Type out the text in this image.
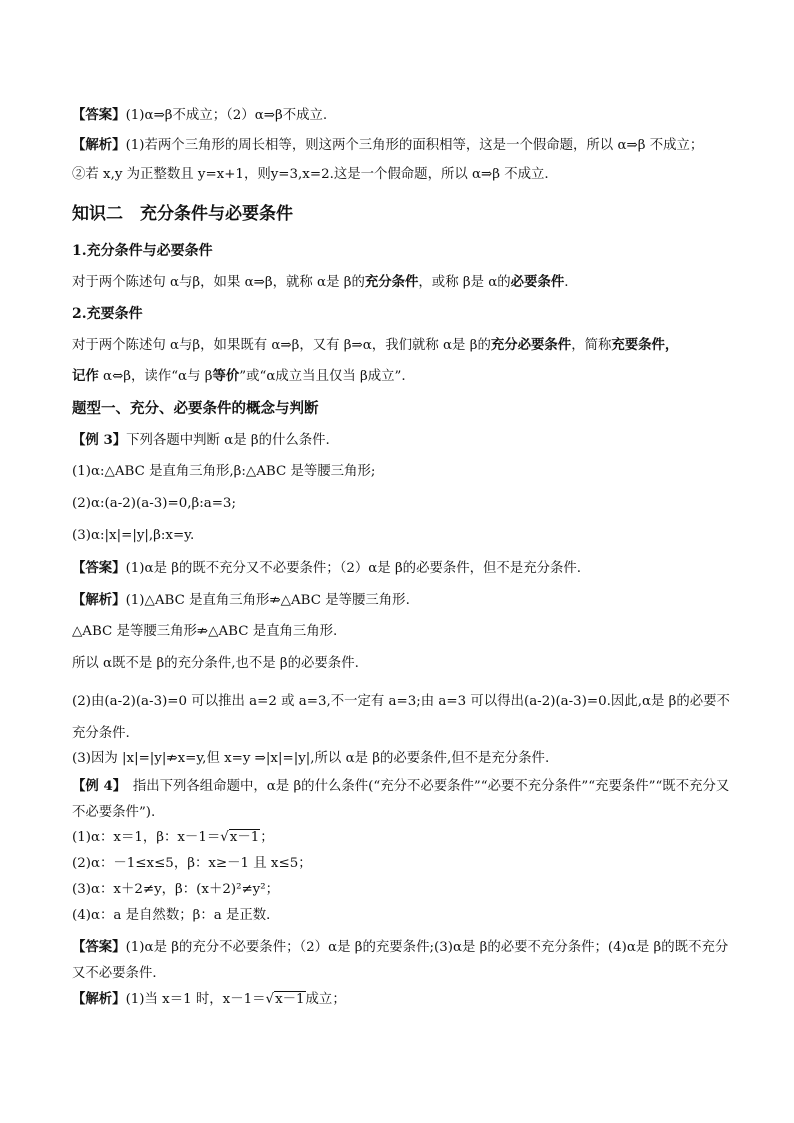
【答案】(1)α⇒β不成立；（2）α⇒β不成立.
【解析】(1)若两个三角形的周长相等，则这两个三角形的面积相等，这是一个假命题，所以 α⇒β 不成立；
②若 x,y 为正整数且 y=x+1，则y=3,x=2.这是一个假命题，所以 α⇒β 不成立.
知识二　充分条件与必要条件
1.充分条件与必要条件
对于两个陈述句 α与β，如果 α⇒β，就称 α是 β的充分条件，或称 β是 α的必要条件.
2.充要条件
对于两个陈述句 α与β，如果既有 α⇒β，又有 β⇒α，我们就称 α是 β的充分必要条件，简称充要条件，
记作 α⇔β，读作“α与 β等价”或“α成立当且仅当 β成立”.
题型一、充分、必要条件的概念与判断
【例 3】下列各题中判断 α是 β的什么条件.
(1)α:△ABC 是直角三角形,β:△ABC 是等腰三角形;
(2)α:(a-2)(a-3)=0,β:a=3;
(3)α:|x|=|y|,β:x=y.
【答案】(1)α是 β的既不充分又不必要条件；（2）α是 β的必要条件，但不是充分条件.
【解析】(1)△ABC 是直角三角形⇏△ABC 是等腰三角形.
△ABC 是等腰三角形⇏△ABC 是直角三角形.
所以 α既不是 β的充分条件,也不是 β的必要条件.
(2)由(a-2)(a-3)=0 可以推出 a=2 或 a=3,不一定有 a=3;由 a=3 可以得出(a-2)(a-3)=0.因此,α是 β的必要不充分条件.
(3)因为 |x|=|y|⇏x=y,但 x=y ⇒|x|=|y|,所以 α是 β的必要条件,但不是充分条件.
【例 4】　指出下列各组命题中，α是 β的什么条件(“充分不必要条件”“必要不充分条件”“充要条件”“既不充分又不必要条件”).
(1)α：x＝1，β：x－1＝√x－1；
(2)α：－1≤x≤5，β：x≥－1 且 x≤5；
(3)α：x＋2≠y，β：(x＋2)²≠y²；
(4)α：a 是自然数；β：a 是正数．
【答案】(1)α是 β的充分不必要条件；（2）α是 β的充要条件;(3)α是 β的必要不充分条件；(4)α是 β的既不充分又不必要条件．
【解析】(1)当 x＝1 时，x－1＝√x－1成立；
